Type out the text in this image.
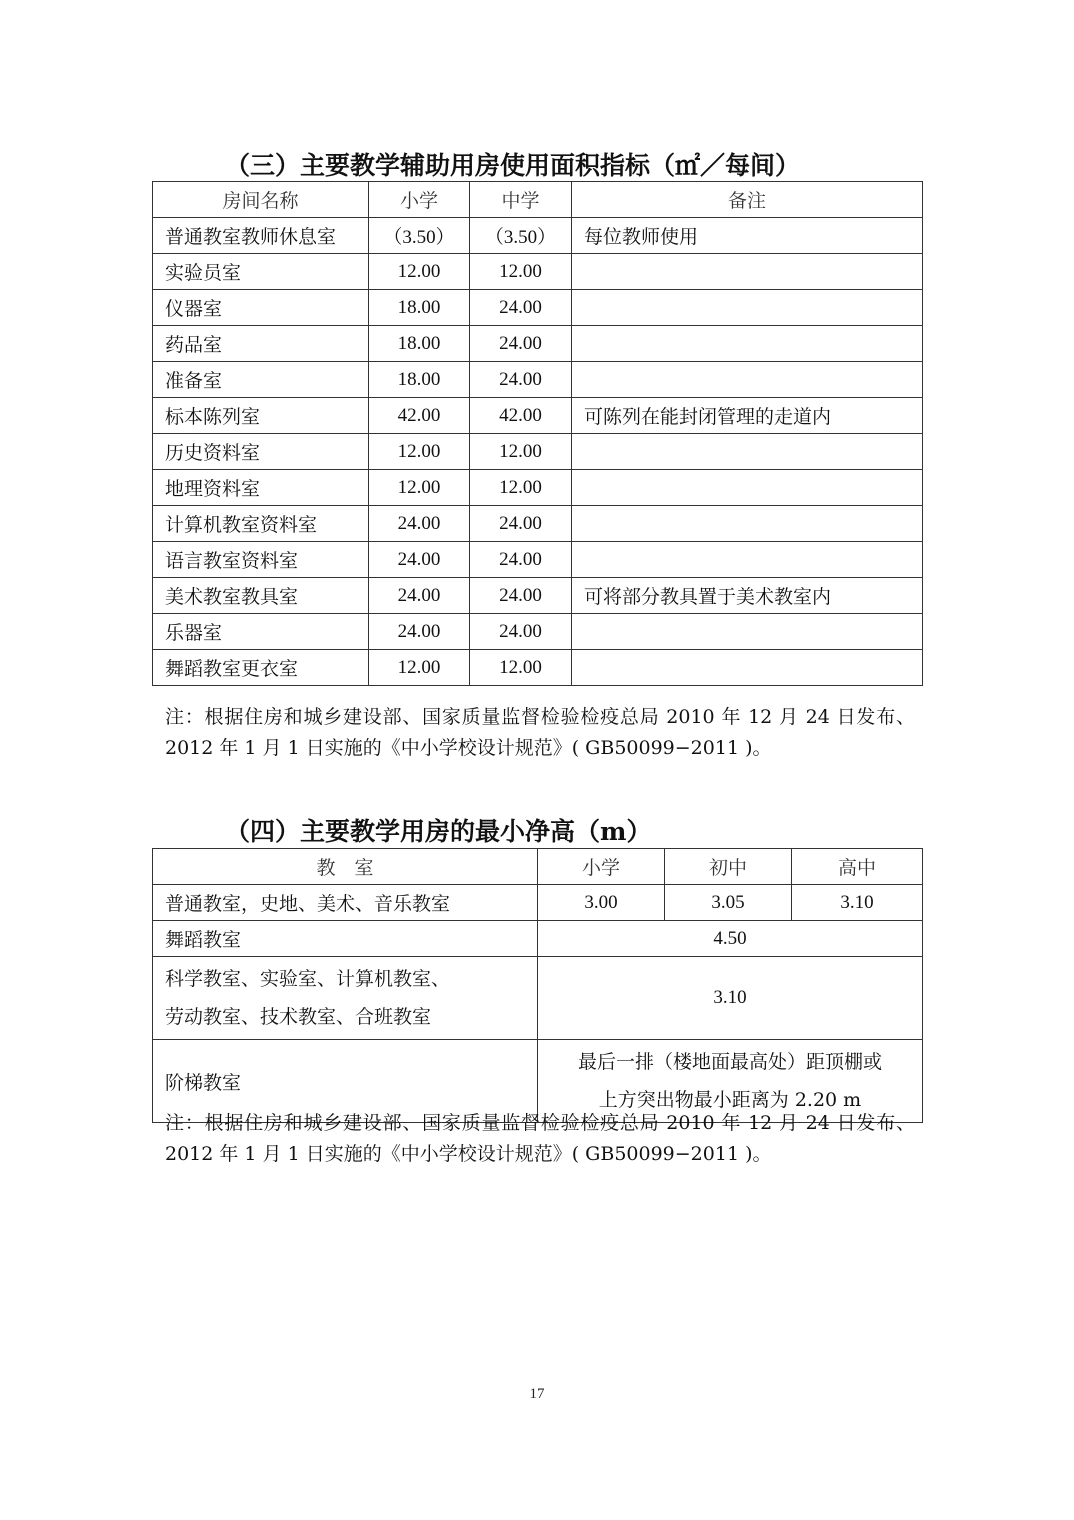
（三）主要教学辅助用房使用面积指标（㎡／每间）
房间名称	小学	中学	备注
普通教室教师休息室	（3.50）	（3.50）	每位教师使用
实验员室	12.00	12.00	
仪器室	18.00	24.00	
药品室	18.00	24.00	
准备室	18.00	24.00	
标本陈列室	42.00	42.00	可陈列在能封闭管理的走道内
历史资料室	12.00	12.00	
地理资料室	12.00	12.00	
计算机教室资料室	24.00	24.00	
语言教室资料室	24.00	24.00	
美术教室教具室	24.00	24.00	可将部分教具置于美术教室内
乐器室	24.00	24.00	
舞蹈教室更衣室	12.00	12.00	

注：根据住房和城乡建设部、国家质量监督检验检疫总局 2010 年 12 月 24 日发布、2012 年 1 月 1 日实施的《中小学校设计规范》( GB50099−2011 )。

（四）主要教学用房的最小净高（m）
教　室	小学	初中	高中
普通教室，史地、美术、音乐教室	3.00	3.05	3.10
舞蹈教室	4.50		

科学教室、实验室、计算机教室、
劳动教室、技术教室、合班教室	3.10		
阶梯教室	最后一排（楼地面最高处）距顶棚或
上方突出物最小距离为 2.20 m		

注：根据住房和城乡建设部、国家质量监督检验检疫总局 2010 年 12 月 24 日发布、2012 年 1 月 1 日实施的《中小学校设计规范》( GB50099−2011 )。

17
